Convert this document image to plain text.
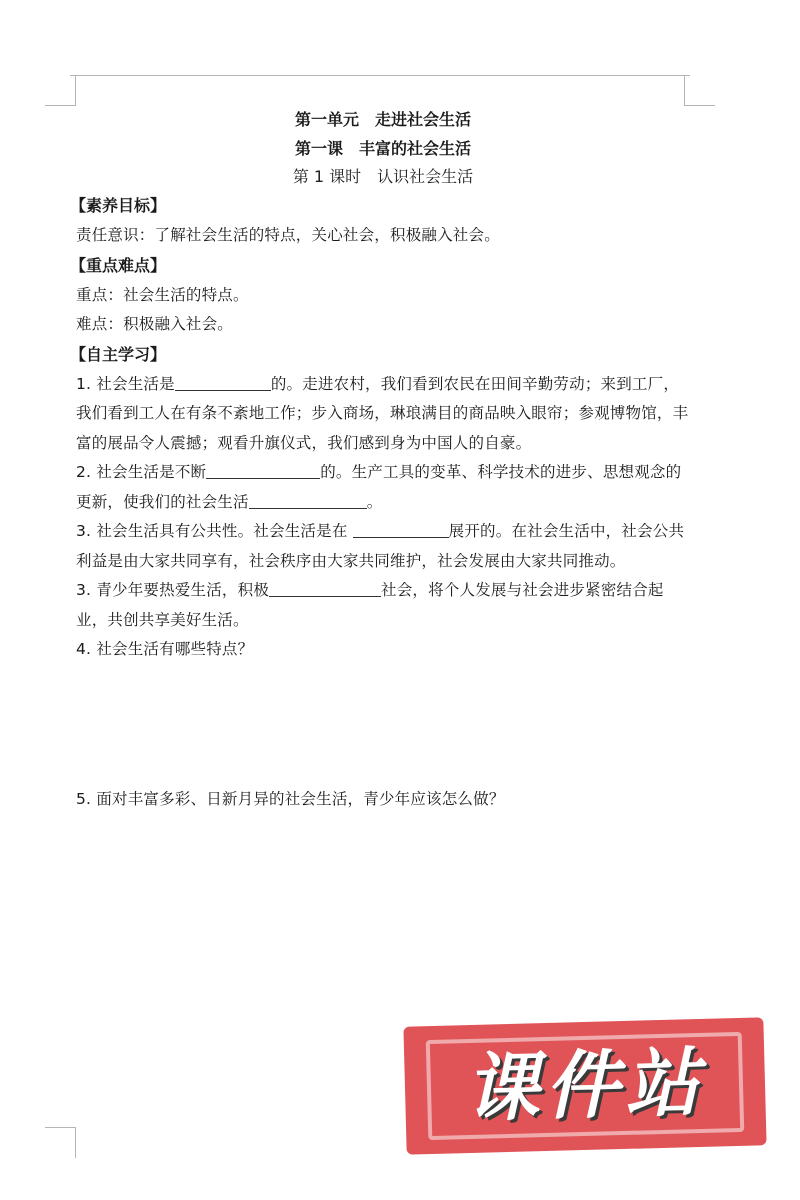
第一单元　走进社会生活
第一课　丰富的社会生活
第 1 课时　认识社会生活
【素养目标】
责任意识：了解社会生活的特点，关心社会，积极融入社会。
【重点难点】
重点：社会生活的特点。
难点：积极融入社会。
【自主学习】
1. 社会生活是	的。走进农村，我们看到农民在田间辛勤劳动；来到工厂，我们看到工人在有条不紊地工作；步入商场，琳琅满目的商品映入眼帘；参观博物馆，丰富的展品令人震撼；观看升旗仪式，我们感到身为中国人的自豪。
2. 社会生活是不断	的。生产工具的变革、科学技术的进步、思想观念的更新，使我们的社会生活	。
3. 社会生活具有公共性。社会生活是在	展开的。在社会生活中，社会公共利益是由大家共同享有，社会秩序由大家共同维护，社会发展由大家共同推动。
3. 青少年要热爱生活，积极	社会，将个人发展与社会进步紧密结合起业，共创共享美好生活。
4. 社会生活有哪些特点？
5. 面对丰富多彩、日新月异的社会生活，青少年应该怎么做？
课件站
